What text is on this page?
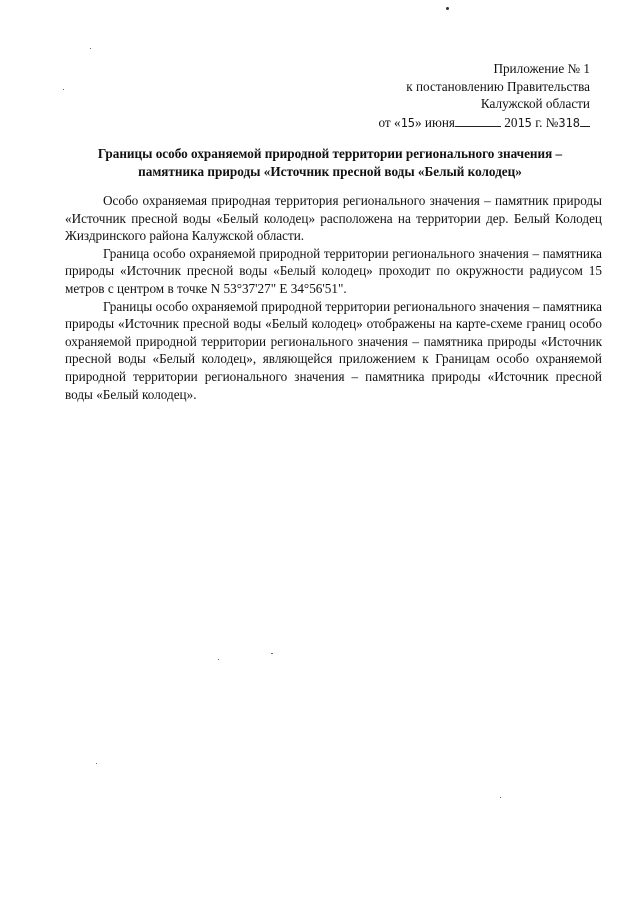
Приложение № 1
к постановлению Правительства
Калужской области
от «15» июня	2015 г. №318
Границы особо охраняемой природной территории регионального значения –
памятника природы «Источник пресной воды «Белый колодец»

Особо охраняемая природная территория регионального значения – памятник природы «Источник пресной воды «Белый колодец» расположена на территории дер. Белый Колодец Жиздринского района Калужской области.

Граница особо охраняемой природной территории регионального значения – памятника природы «Источник пресной воды «Белый колодец» проходит по окружности радиусом 15 метров с центром в точке N 53°37'27" E 34°56'51".

Границы особо охраняемой природной территории регионального значения – памятника природы «Источник пресной воды «Белый колодец» отображены на карте-схеме границ особо охраняемой природной территории регионального значения – памятника природы «Источник пресной воды «Белый колодец», являющейся приложением к Границам особо охраняемой природной территории регионального значения – памятника природы «Источник пресной воды «Белый колодец».
